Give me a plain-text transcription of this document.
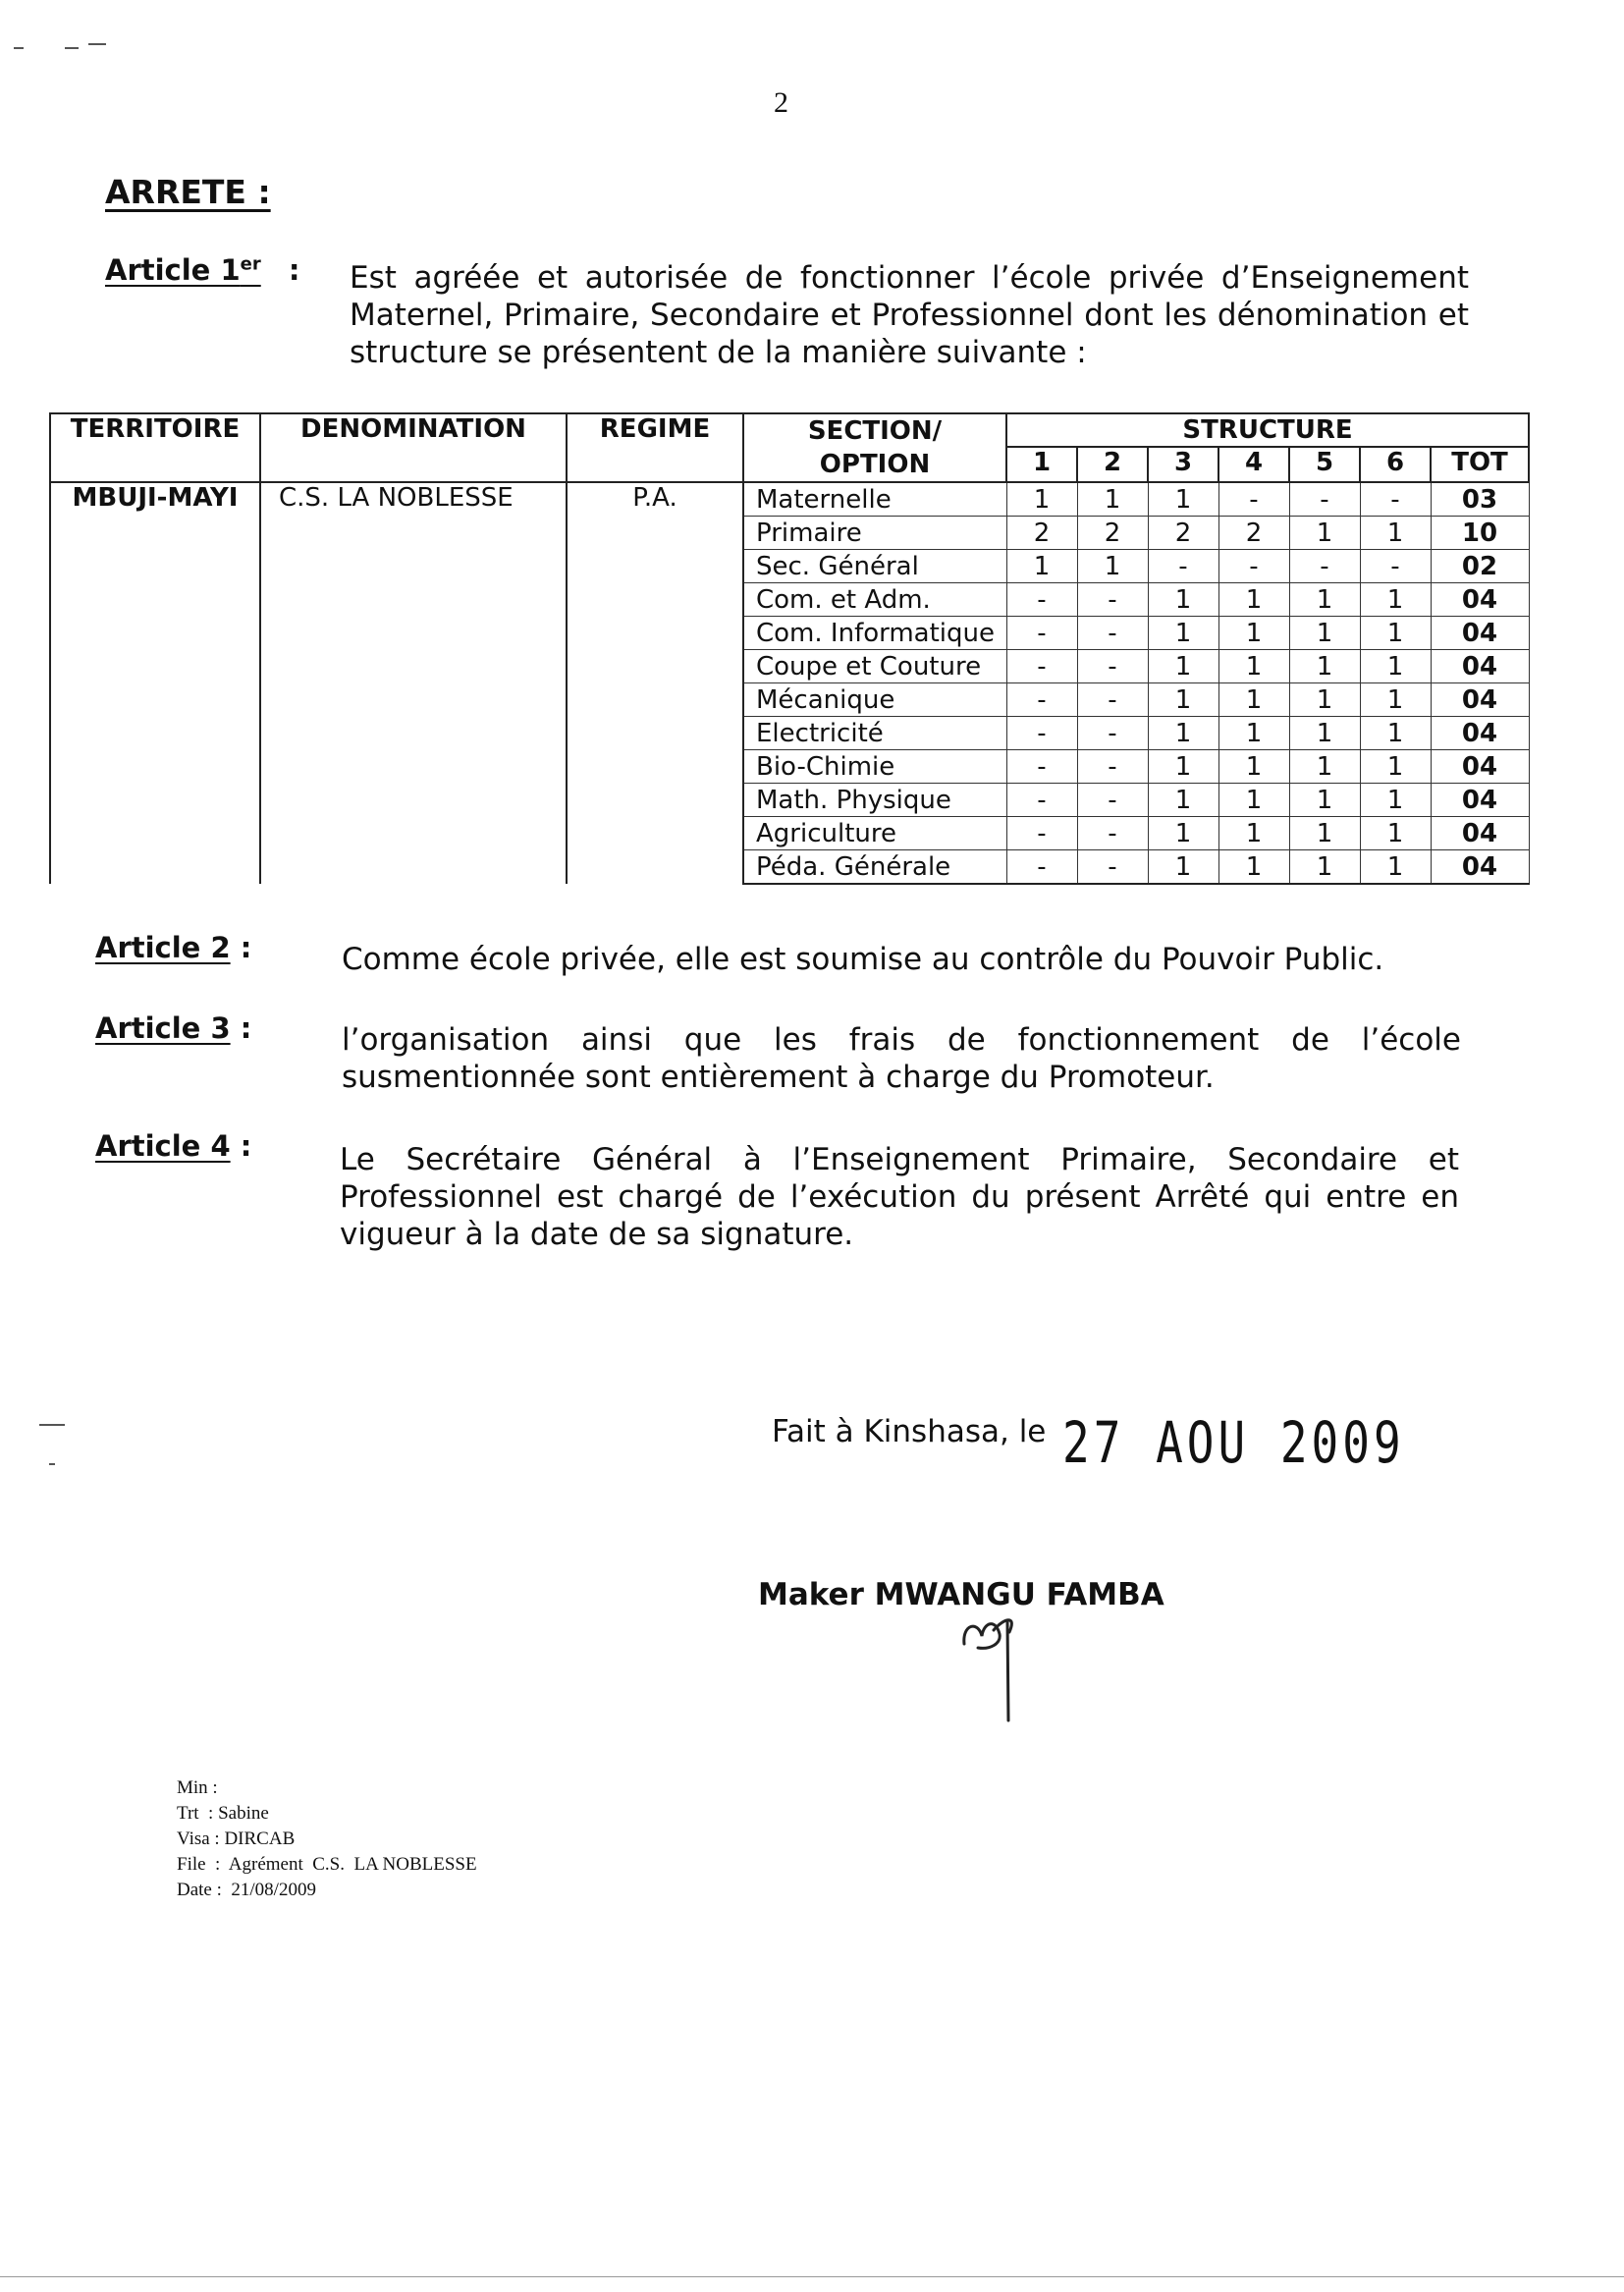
2
ARRETE :
Article 1er : Est agréée et autorisée de fonctionner l’école privée d’Enseignement
Maternel, Primaire, Secondaire et Professionnel dont les dénomination et
structure se présentent de la manière suivante :
TERRITOIRE	DENOMINATION	REGIME	SECTION/
OPTION	STRUCTURE						
				1	2	3	4	5	6	TOT
MBUJI-MAYI	C.S. LA NOBLESSE	P.A.	Maternelle	1	1	1	-	-	-	03
			Primaire	2	2	2	2	1	1	10
			Sec. Général	1	1	-	-	-	-	02
			Com. et Adm.	-	-	1	1	1	1	04
			Com. Informatique	-	-	1	1	1	1	04
			Coupe et Couture	-	-	1	1	1	1	04
			Mécanique	-	-	1	1	1	1	04
			Electricité	-	-	1	1	1	1	04
			Bio-Chimie	-	-	1	1	1	1	04
			Math. Physique	-	-	1	1	1	1	04
			Agriculture	-	-	1	1	1	1	04
			Péda. Générale	-	-	1	1	1	1	04
Article 2 :	Comme école privée, elle est soumise au contrôle du Pouvoir Public.
Article 3 :	l’organisation ainsi que les frais de fonctionnement de l’école
susmentionnée sont entièrement à charge du Promoteur.
Article 4 :	Le Secrétaire Général à l’Enseignement Primaire, Secondaire et
Professionnel est chargé de l’exécution du présent Arrêté qui entre en
vigueur à la date de sa signature.
Fait à Kinshasa, le 27 AOU 2009
Maker MWANGU FAMBA
Min :
Trt  : Sabine
Visa : DIRCAB
File  :  Agrément  C.S.  LA NOBLESSE
Date :  21/08/2009
